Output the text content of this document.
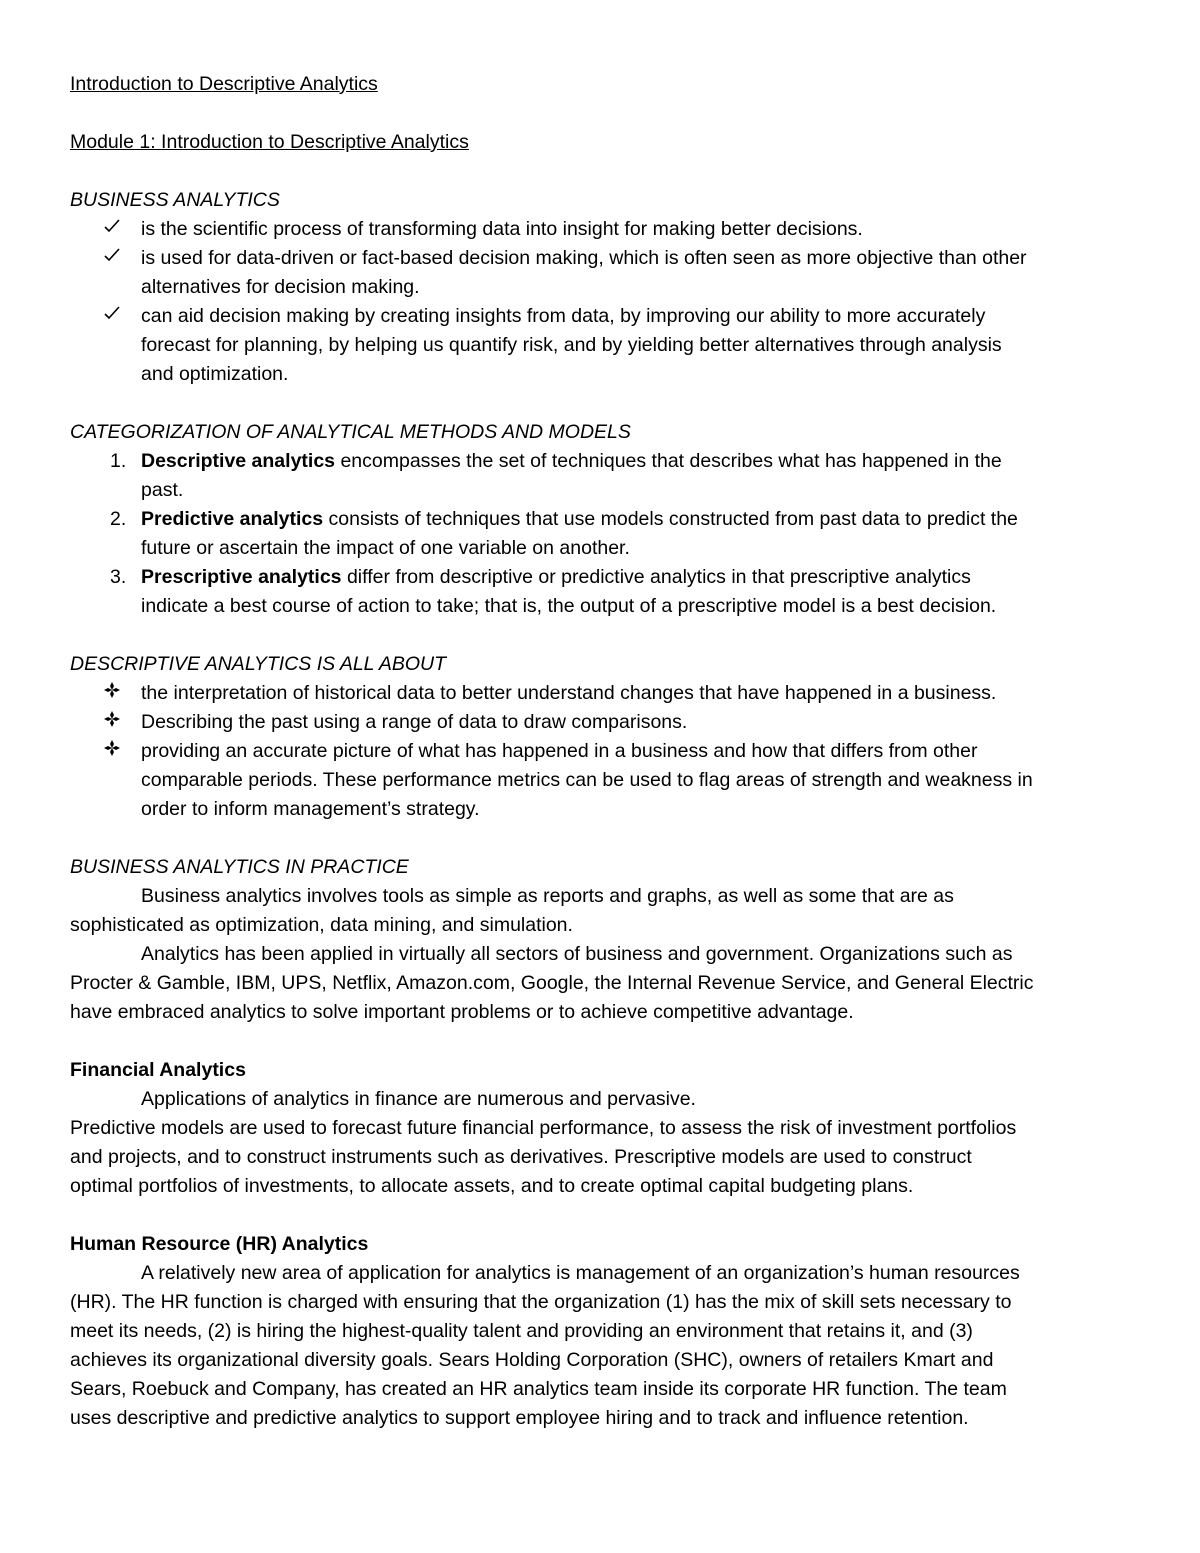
Introduction to Descriptive Analytics

Module 1: Introduction to Descriptive Analytics

BUSINESS ANALYTICS

is the scientific process of transforming data into insight for making better decisions.
is used for data-driven or fact-based decision making, which is often seen as more objective than other
alternatives for decision making.
can aid decision making by creating insights from data, by improving our ability to more accurately
forecast for planning, by helping us quantify risk, and by yielding better alternatives through analysis
and optimization.

CATEGORIZATION OF ANALYTICAL METHODS AND MODELS

1. Descriptive analytics encompasses the set of techniques that describes what has happened in the
past.
2. Predictive analytics consists of techniques that use models constructed from past data to predict the
future or ascertain the impact of one variable on another.
3. Prescriptive analytics differ from descriptive or predictive analytics in that prescriptive analytics
indicate a best course of action to take; that is, the output of a prescriptive model is a best decision.

DESCRIPTIVE ANALYTICS IS ALL ABOUT

the interpretation of historical data to better understand changes that have happened in a business.
Describing the past using a range of data to draw comparisons.
providing an accurate picture of what has happened in a business and how that differs from other
comparable periods. These performance metrics can be used to flag areas of strength and weakness in
order to inform management’s strategy.

BUSINESS ANALYTICS IN PRACTICE

Business analytics involves tools as simple as reports and graphs, as well as some that are as
sophisticated as optimization, data mining, and simulation.
Analytics has been applied in virtually all sectors of business and government. Organizations such as
Procter & Gamble, IBM, UPS, Netflix, Amazon.com, Google, the Internal Revenue Service, and General Electric
have embraced analytics to solve important problems or to achieve competitive advantage.

Financial Analytics

Applications of analytics in finance are numerous and pervasive.
Predictive models are used to forecast future financial performance, to assess the risk of investment portfolios
and projects, and to construct instruments such as derivatives. Prescriptive models are used to construct
optimal portfolios of investments, to allocate assets, and to create optimal capital budgeting plans.

Human Resource (HR) Analytics

A relatively new area of application for analytics is management of an organization’s human resources
(HR). The HR function is charged with ensuring that the organization (1) has the mix of skill sets necessary to
meet its needs, (2) is hiring the highest-quality talent and providing an environment that retains it, and (3)
achieves its organizational diversity goals. Sears Holding Corporation (SHC), owners of retailers Kmart and
Sears, Roebuck and Company, has created an HR analytics team inside its corporate HR function. The team
uses descriptive and predictive analytics to support employee hiring and to track and influence retention.
